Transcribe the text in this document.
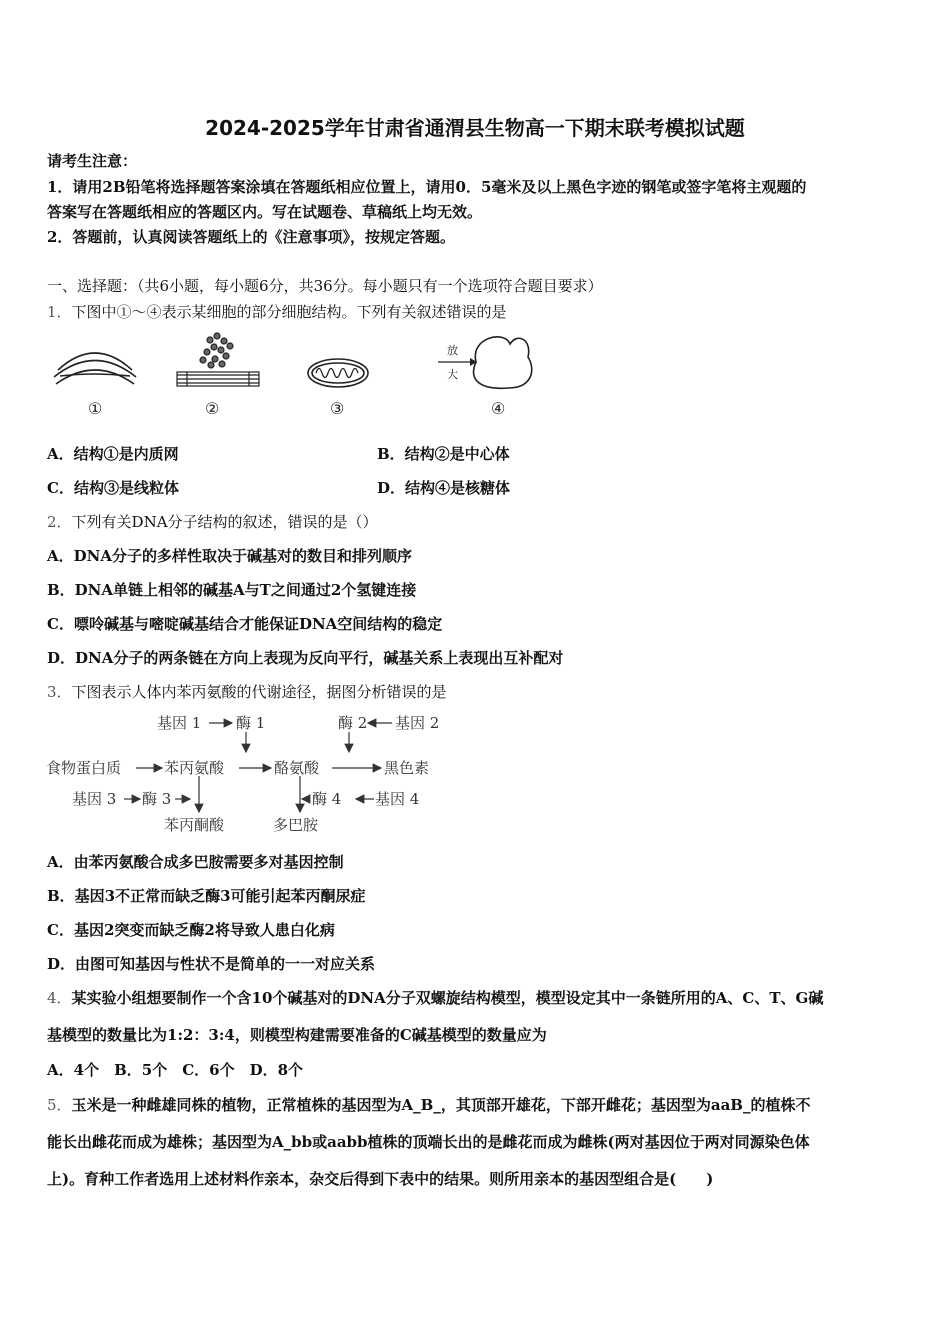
2024-2025学年甘肃省通渭县生物高一下期末联考模拟试题
请考生注意：
1．请用2B铅笔将选择题答案涂填在答题纸相应位置上，请用0．5毫米及以上黑色字迹的钢笔或签字笔将主观题的
答案写在答题纸相应的答题区内。写在试题卷、草稿纸上均无效。
2．答题前，认真阅读答题纸上的《注意事项》，按规定答题。
一、选择题：（共6小题，每小题6分，共36分。每小题只有一个选项符合题目要求）
1．下图中①～④表示某细胞的部分细胞结构。下列有关叙述错误的是
放
大
①	②	③	④
A．结构①是内质网	B．结构②是中心体
C．结构③是线粒体	D．结构④是核糖体
2．下列有关DNA分子结构的叙述，错误的是（）
A．DNA分子的多样性取决于碱基对的数目和排列顺序
B．DNA单链上相邻的碱基A与T之间通过2个氢键连接
C．嘌呤碱基与嘧啶碱基结合才能保证DNA空间结构的稳定
D．DNA分子的两条链在方向上表现为反向平行，碱基关系上表现出互补配对
3．下图表示人体内苯丙氨酸的代谢途径，据图分析错误的是
基因 1 酶 1	酶 2 基因 2
食物蛋白质	苯丙氨酸	酪氨酸	黑色素
基因 3 酶 3	酶 4 基因 4
苯丙酮酸	多巴胺
A．由苯丙氨酸合成多巴胺需要多对基因控制
B．基因3不正常而缺乏酶3可能引起苯丙酮尿症
C．基因2突变而缺乏酶2将导致人患白化病
D．由图可知基因与性状不是简单的一一对应关系
4．某实验小组想要制作一个含10个碱基对的DNA分子双螺旋结构模型，模型设定其中一条链所用的A、C、T、G碱
基模型的数量比为1:2：3:4，则模型构建需要准备的C碱基模型的数量应为
A．4个　B．5个　C．6个　D．8个
5．玉米是一种雌雄同株的植物，正常植株的基因型为A_B_，其顶部开雄花，下部开雌花；基因型为aaB_的植株不
能长出雌花而成为雄株；基因型为A_bb或aabb植株的顶端长出的是雌花而成为雌株(两对基因位于两对同源染色体
上)。育种工作者选用上述材料作亲本，杂交后得到下表中的结果。则所用亲本的基因型组合是(　　)
